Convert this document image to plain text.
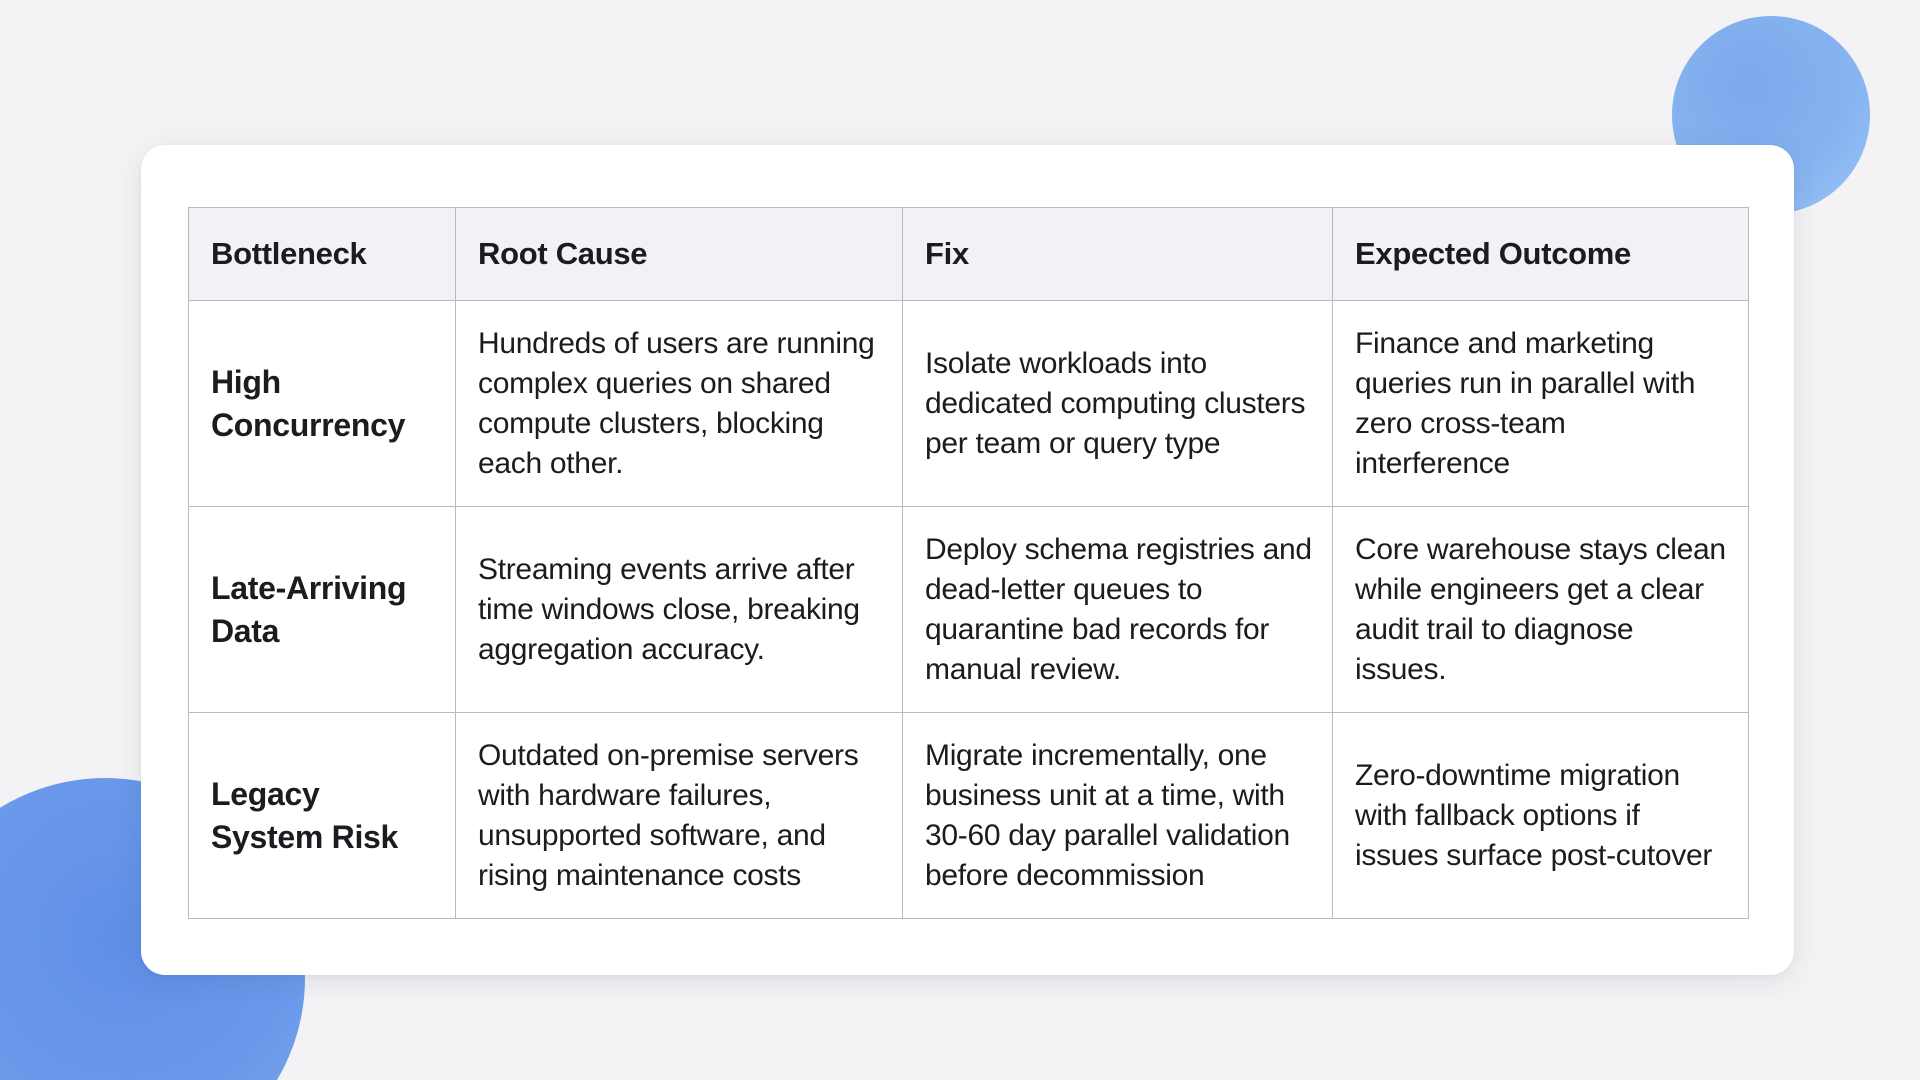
Bottleneck	Root Cause	Fix	Expected Outcome
High Concurrency	Hundreds of users are running complex queries on shared compute clusters, blocking each other.	Isolate workloads into dedicated computing clusters per team or query type	Finance and marketing queries run in parallel with zero cross-team interference
Late-Arriving Data	Streaming events arrive after time windows close, breaking aggregation accuracy.	Deploy schema registries and dead-letter queues to quarantine bad records for manual review.	Core warehouse stays clean while engineers get a clear audit trail to diagnose issues.
Legacy System Risk	Outdated on-premise servers with hardware failures, unsupported software, and rising maintenance costs	Migrate incrementally, one business unit at a time, with 30-60 day parallel validation before decommission	Zero-downtime migration with fallback options if issues surface post-cutover
